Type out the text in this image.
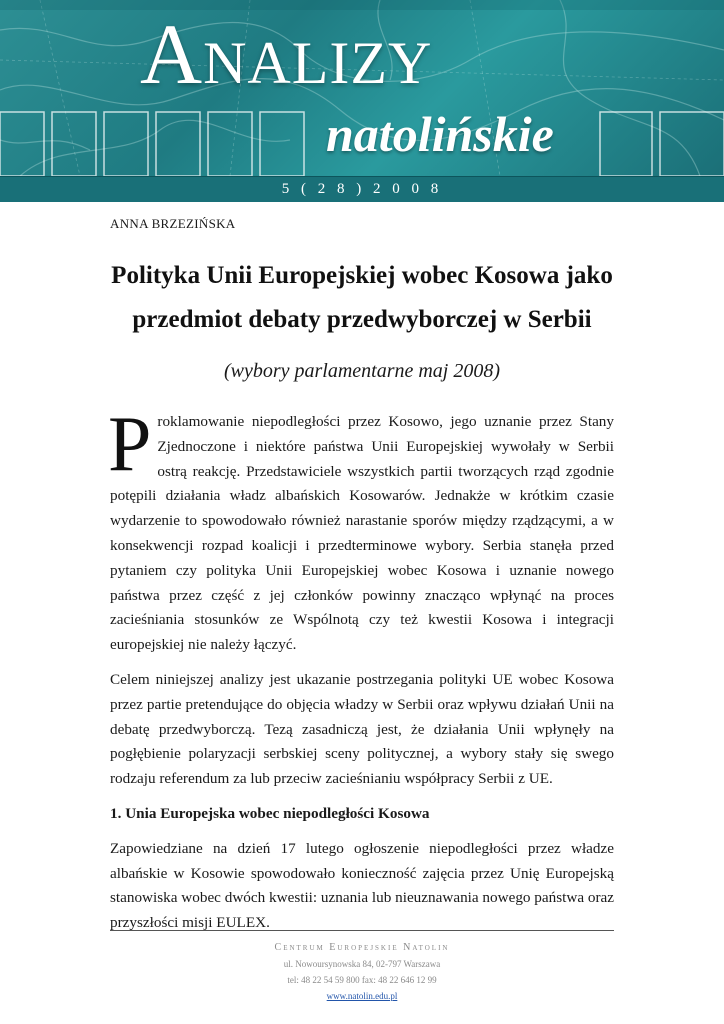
Analizy
natolińskie
5 ( 2 8 ) 2 0 0 8
ANNA BRZEZIŃSKA
Polityka Unii Europejskiej wobec Kosowa jako przedmiot debaty przedwyborczej w Serbii
(wybory parlamentarne maj 2008)

Proklamowanie niepodległości przez Kosowo, jego uznanie przez Stany Zjednoczone i niektóre państwa Unii Europejskiej wywołały w Serbii ostrą reakcję. Przedstawiciele wszystkich partii tworzących rząd zgodnie potępili działania władz albańskich Kosowarów. Jednakże w krótkim czasie wydarzenie to spowodowało również narastanie sporów między rządzącymi, a w konsekwencji rozpad koalicji i przedterminowe wybory. Serbia stanęła przed pytaniem czy polityka Unii Europejskiej wobec Kosowa i uznanie nowego państwa przez część z jej członków powinny znacząco wpłynąć na proces zacieśniania stosunków ze Wspólnotą czy też kwestii Kosowa i integracji europejskiej nie należy łączyć.

Celem niniejszej analizy jest ukazanie postrzegania polityki UE wobec Kosowa przez partie pretendujące do objęcia władzy w Serbii oraz wpływu działań Unii na debatę przedwyborczą. Tezą zasadniczą jest, że działania Unii wpłynęły na pogłębienie polaryzacji serbskiej sceny politycznej, a wybory stały się swego rodzaju referendum za lub przeciw zacieśnianiu współpracy Serbii z UE.

1. Unia Europejska wobec niepodległości Kosowa

Zapowiedziane na dzień 17 lutego ogłoszenie niepodległości przez władze albańskie w Kosowie spowodowało konieczność zajęcia przez Unię Europejską stanowiska wobec dwóch kwestii: uznania lub nieuznawania nowego państwa oraz przyszłości misji EULEX.

Centrum Europejskie Natolin
ul. Nowoursynowska 84, 02-797 Warszawa
tel: 48 22 54 59 800 fax: 48 22 646 12 99
www.natolin.edu.pl
